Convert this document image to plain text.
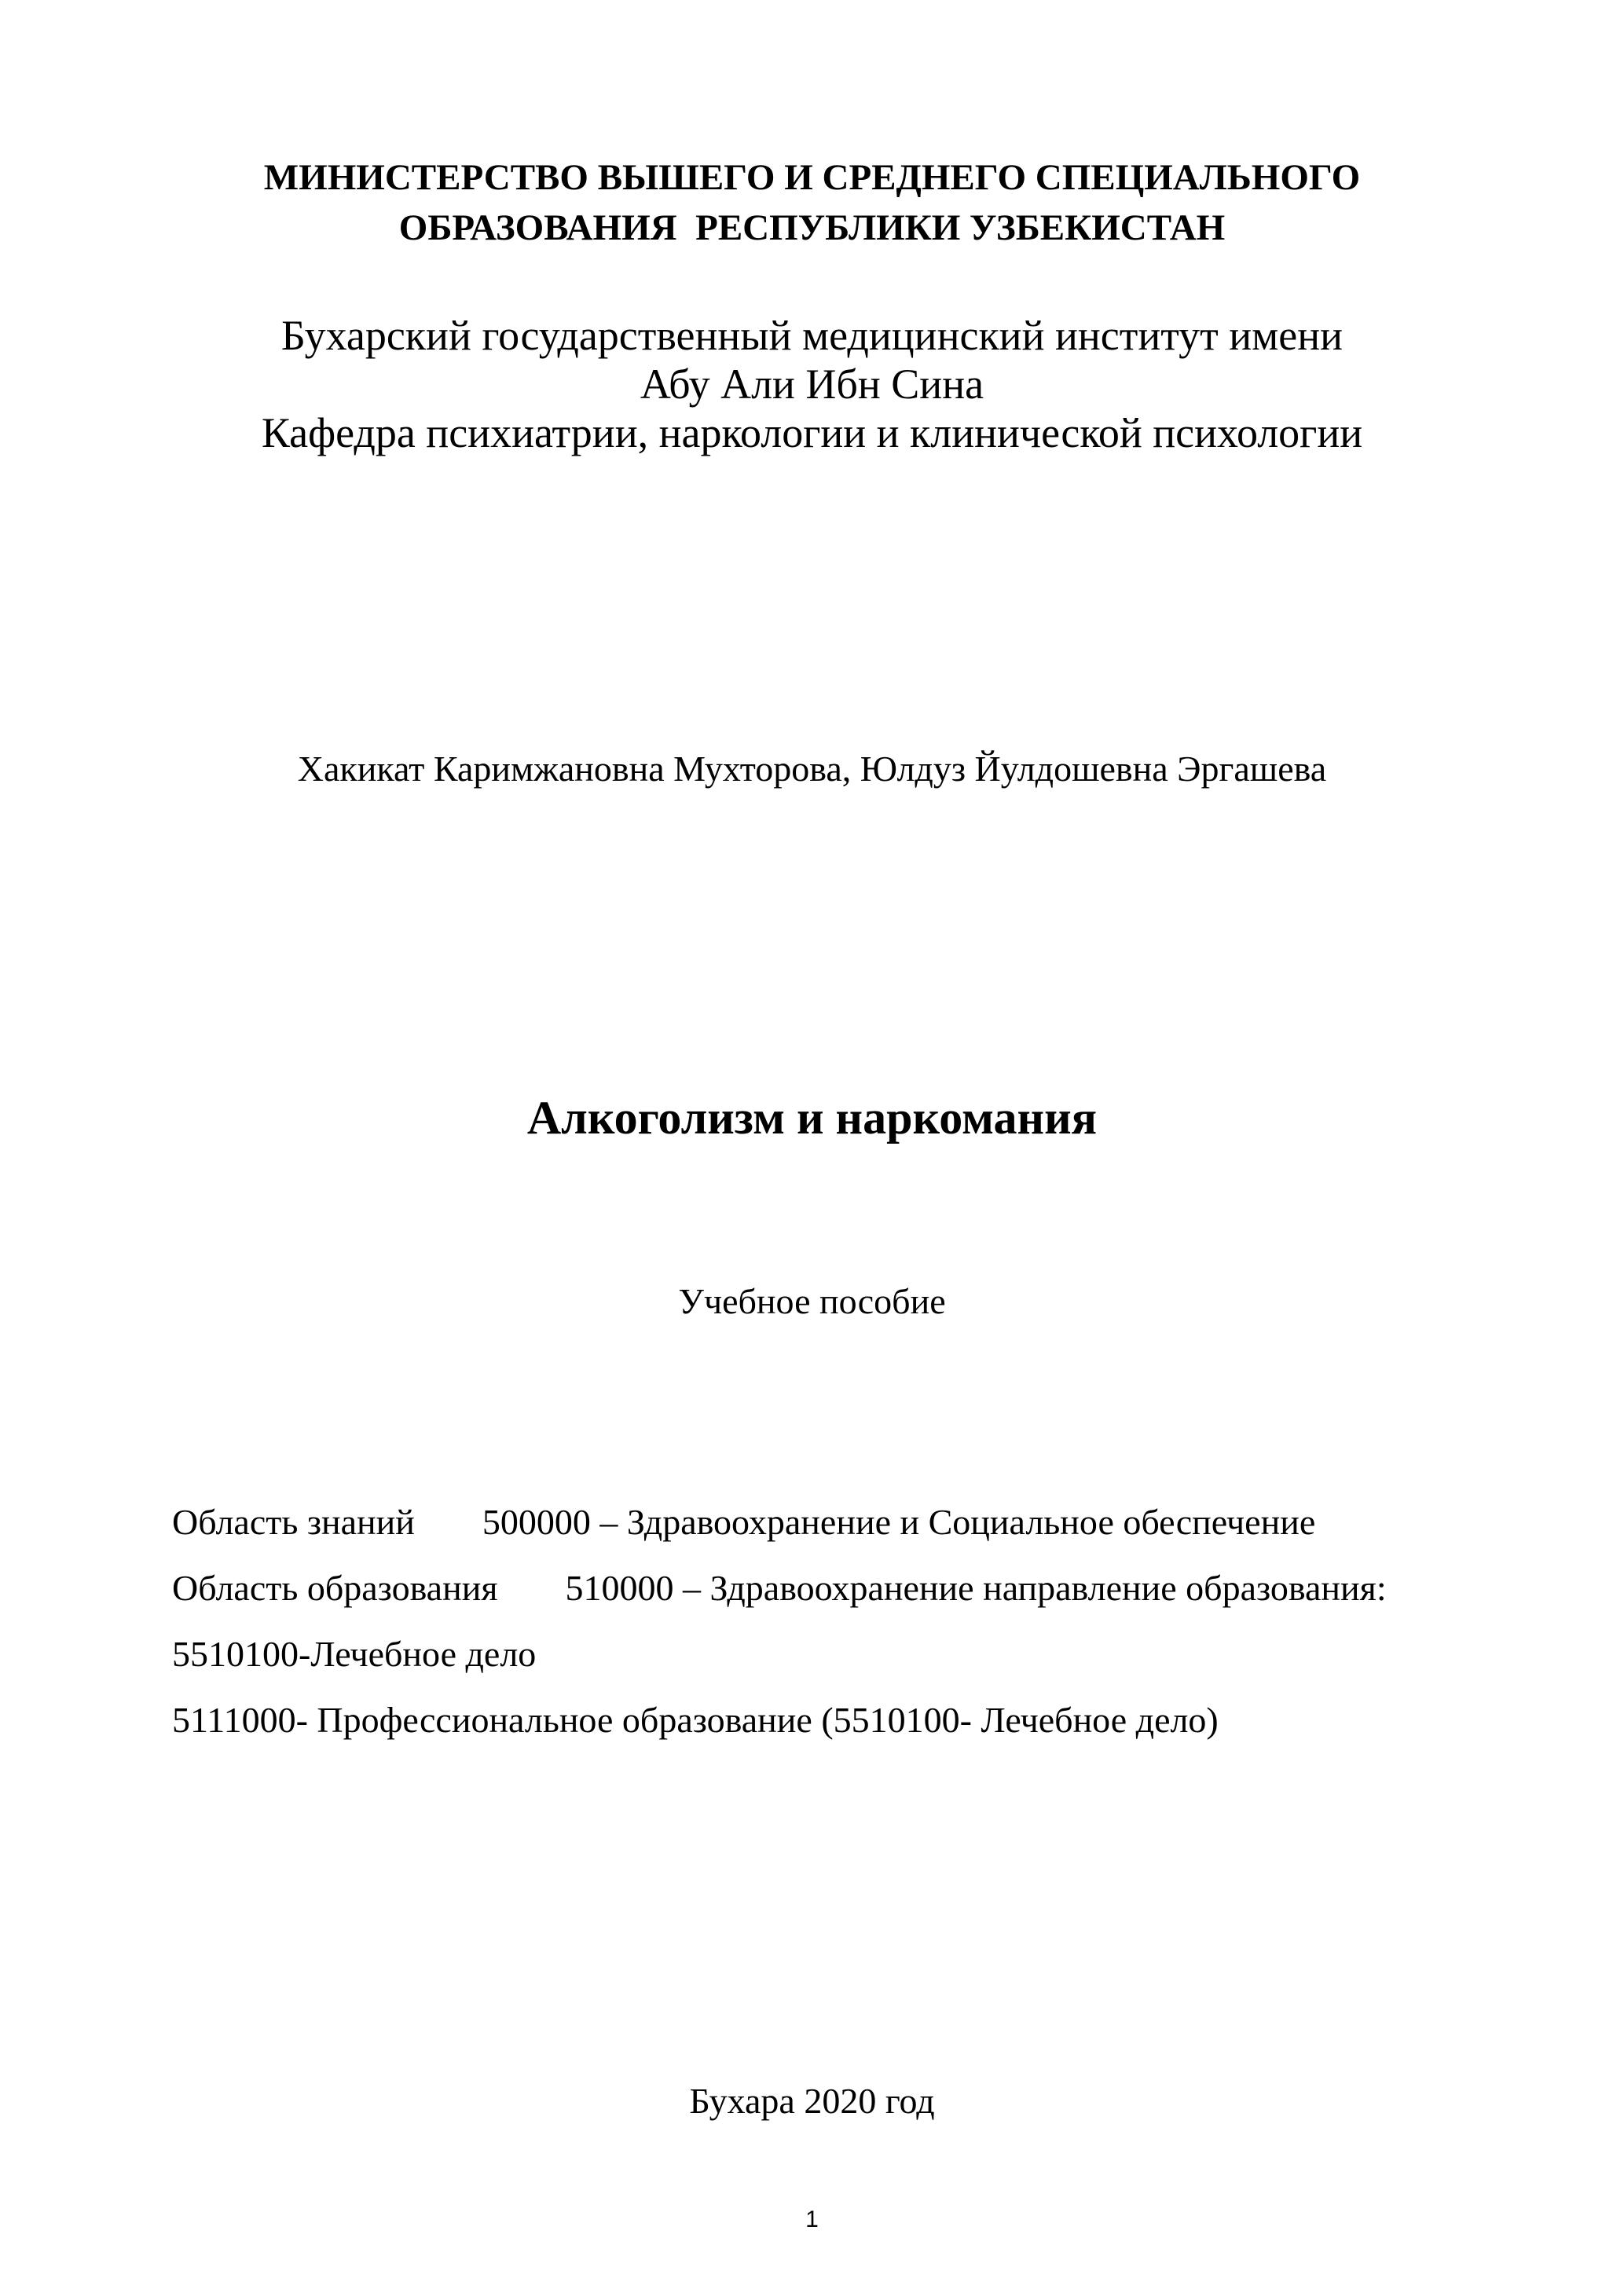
МИНИСТЕРСТВО ВЫШЕГО И СРЕДНЕГО СПЕЦИАЛЬНОГО
ОБРАЗОВАНИЯ  РЕСПУБЛИКИ УЗБЕКИСТАН
Бухарский государственный медицинский институт имени
Абу Али Ибн Сина
Кафедра психиатрии, наркологии и клинической психологии
Хакикат Каримжановна Мухторова, Юлдуз Йулдошевна Эргашева
Алкоголизм и наркомания
Учебное пособие
Область знаний 500000 – Здравоохранение и Социальное обеспечение
Область образования 510000 – Здравоохранение направление образования:
5510100-Лечебное дело
5111000- Профессиональное образование (5510100- Лечебное дело)
Бухара 2020 год
1
